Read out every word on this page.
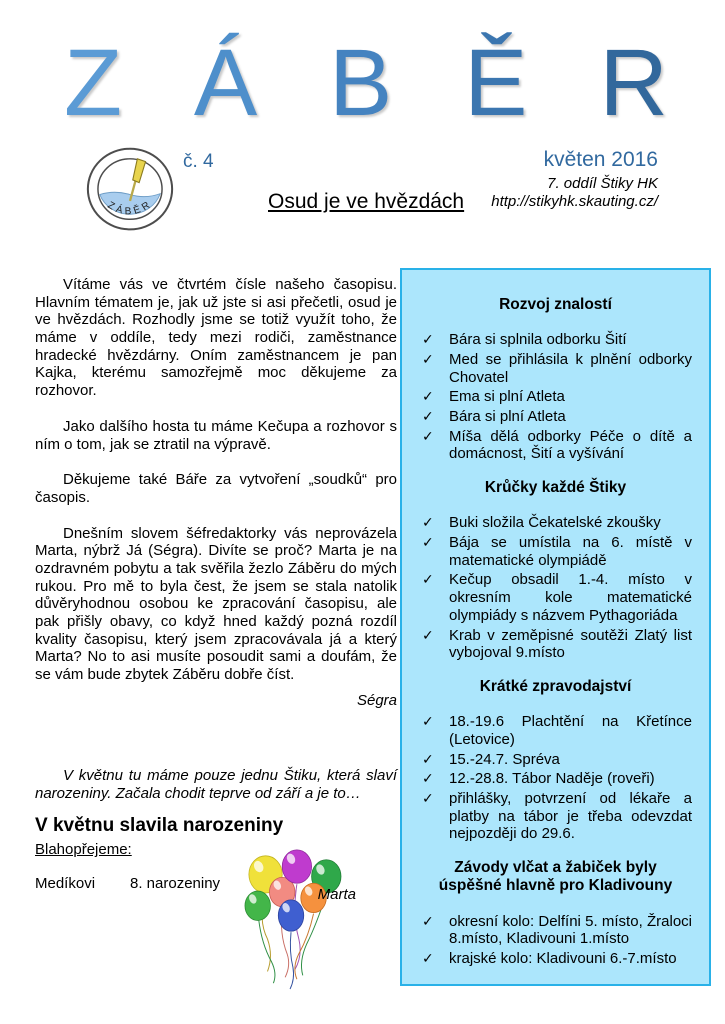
Z Á B Ě R
ZÁBĚR
č. 4	květen 2016
7. oddíl Štiky HK
http://stikyhk.skauting.cz/
Osud je ve hvězdách

Vítáme vás ve čtvrtém čísle našeho časopisu. Hlavním tématem je, jak už jste si asi přečetli, osud je ve hvězdách. Rozhodly jsme se totiž využít toho, že máme v oddíle, tedy mezi rodiči, zaměstnance hradecké hvězdárny. Oním zaměstnancem je pan Kajka, kterému samozřejmě moc děkujeme za rozhovor.

Jako dalšího hosta tu máme Kečupa a rozhovor s ním o tom, jak se ztratil na výpravě.

Děkujeme také Báře za vytvoření „soudků“ pro časopis.

Dnešním slovem šéfredaktorky vás neprovázela Marta, nýbrž Já (Ségra). Divíte se proč? Marta je na ozdravném pobytu a tak svěřila žezlo Záběru do mých rukou. Pro mě to byla čest, že jsem se stala natolik důvěryhodnou osobou ke zpracování časopisu, ale pak přišly obavy, co když hned každý pozná rozdíl kvality časopisu, který jsem zpracovávala já a který Marta? No to asi musíte posoudit sami a doufám, že se vám bude zbytek Záběru dobře číst.

Ségra

V květnu tu máme pouze jednu Štiku, která slaví narozeniny. Začala chodit teprve od září a je to…

V květnu slavila narozeniny
Blahopřejeme:
Medíkovi	8. narozeniny
Marta
Rozvoj znalostí
✓ Bára si splnila odborku Šití
✓ Med se přihlásila k plnění odborky Chovatel
✓ Ema si plní Atleta
✓ Bára si plní Atleta
✓ Míša dělá odborky Péče o dítě a domácnost, Šití a vyšívání
Krůčky každé Štiky
✓ Buki složila Čekatelské zkoušky
✓ Bája se umístila na 6. místě v matematické olympiádě
✓ Kečup obsadil 1.-4. místo v okresním kole matematické olympiády s názvem Pythagoriáda
✓ Krab v zeměpisné soutěži Zlatý list vybojoval 9.místo
Krátké zpravodajství
✓ 18.-19.6 Plachtění na Křetínce (Letovice)
✓ 15.-24.7. Spréva
✓ 12.-28.8. Tábor Naděje (roveři)
✓ přihlášky, potvrzení od lékaře a platby na tábor je třeba odevzdat nejpozději do 29.6.
Závody vlčat a žabiček byly úspěšné hlavně pro Kladivouny
✓ okresní kolo: Delfíni 5. místo, Žraloci 8.místo, Kladivouni 1.místo
✓ krajské kolo: Kladivouni 6.-7.místo
